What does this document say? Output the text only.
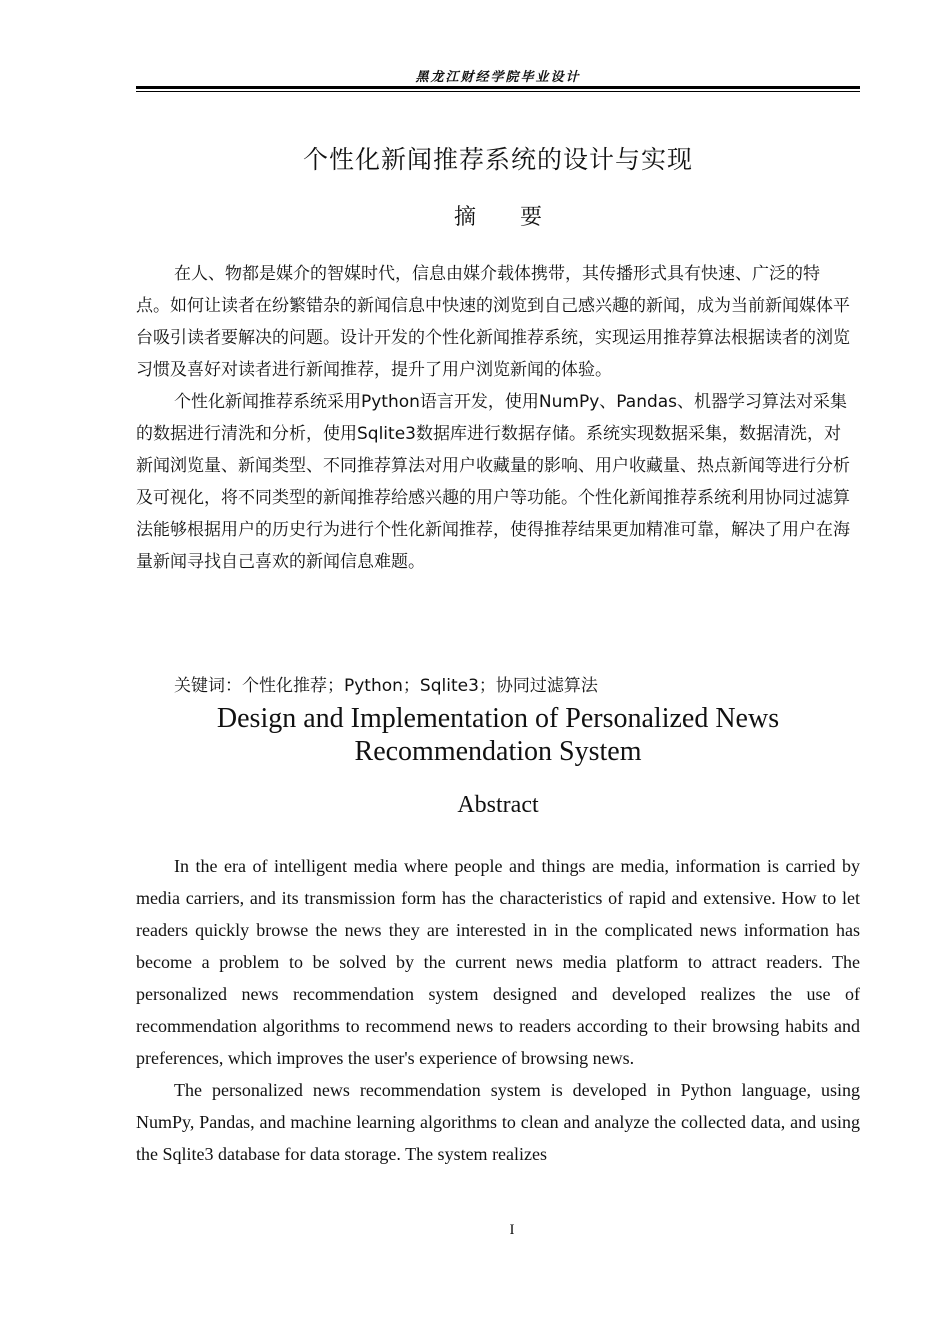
黑龙江财经学院毕业设计
个性化新闻推荐系统的设计与实现
摘 要

在人、物都是媒介的智媒时代，信息由媒介载体携带，其传播形式具有快速、广泛的特点。如何让读者在纷繁错杂的新闻信息中快速的浏览到自己感兴趣的新闻，成为当前新闻媒体平台吸引读者要解决的问题。设计开发的个性化新闻推荐系统，实现运用推荐算法根据读者的浏览习惯及喜好对读者进行新闻推荐，提升了用户浏览新闻的体验。

个性化新闻推荐系统采用Python语言开发，使用NumPy、Pandas、机器学习算法对采集的数据进行清洗和分析，使用Sqlite3数据库进行数据存储。系统实现数据采集，数据清洗，对新闻浏览量、新闻类型、不同推荐算法对用户收藏量的影响、用户收藏量、热点新闻等进行分析及可视化，将不同类型的新闻推荐给感兴趣的用户等功能。个性化新闻推荐系统利用协同过滤算法能够根据用户的历史行为进行个性化新闻推荐，使得推荐结果更加精准可靠，解决了用户在海量新闻寻找自己喜欢的新闻信息难题。

关键词：个性化推荐；Python；Sqlite3；协同过滤算法
Design and Implementation of Personalized News
Recommendation System
Abstract

In the era of intelligent media where people and things are media, information is carried by media carriers, and its transmission form has the characteristics of rapid and extensive. How to let readers quickly browse the news they are interested in in the complicated news information has become a problem to be solved by the current news media platform to attract readers. The personalized news recommendation system designed and developed realizes the use of recommendation algorithms to recommend news to readers according to their browsing habits and preferences, which improves the user's experience of browsing news.

The personalized news recommendation system is developed in Python language, using NumPy, Pandas, and machine learning algorithms to clean and analyze the collected data, and using the Sqlite3 database for data storage. The system realizes

I
